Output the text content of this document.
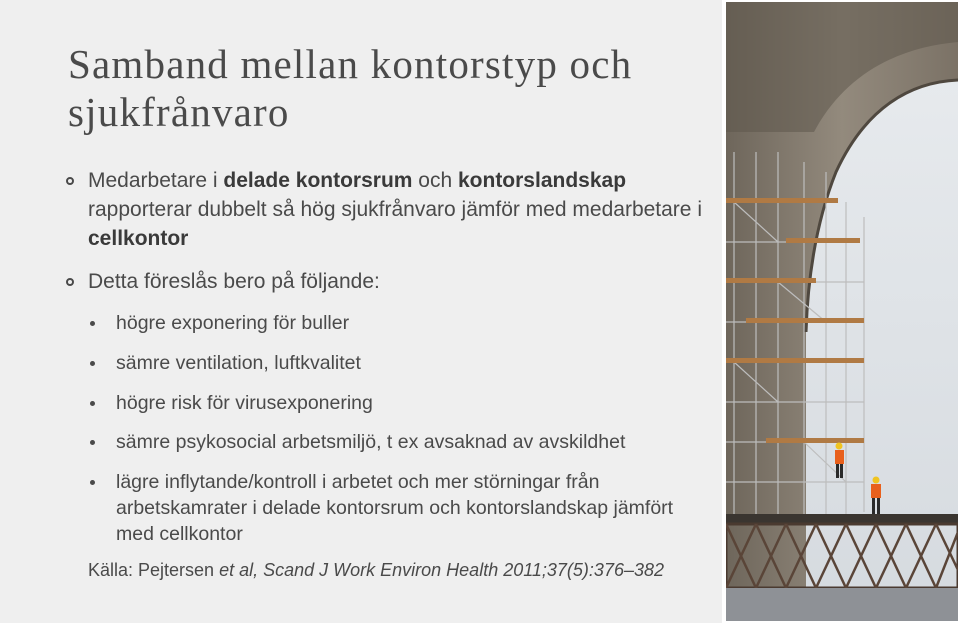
Samband mellan kontorstyp och sjukfrånvaro
Medarbetare i delade kontorsrum och kontorslandskap rapporterar dubbelt så hög sjukfrånvaro jämför med medarbetare i cellkontor
Detta föreslås bero på följande:
högre exponering för buller
sämre ventilation, luftkvalitet
högre risk för virusexponering
sämre psykosocial arbetsmiljö, t ex avsaknad av avskildhet
lägre inflytande/kontroll i arbetet och mer störningar från arbetskamrater i delade kontorsrum och kontorslandskap jämfört med cellkontor
Källa: Pejtersen et al, Scand J Work Environ Health 2011;37(5):376–382
